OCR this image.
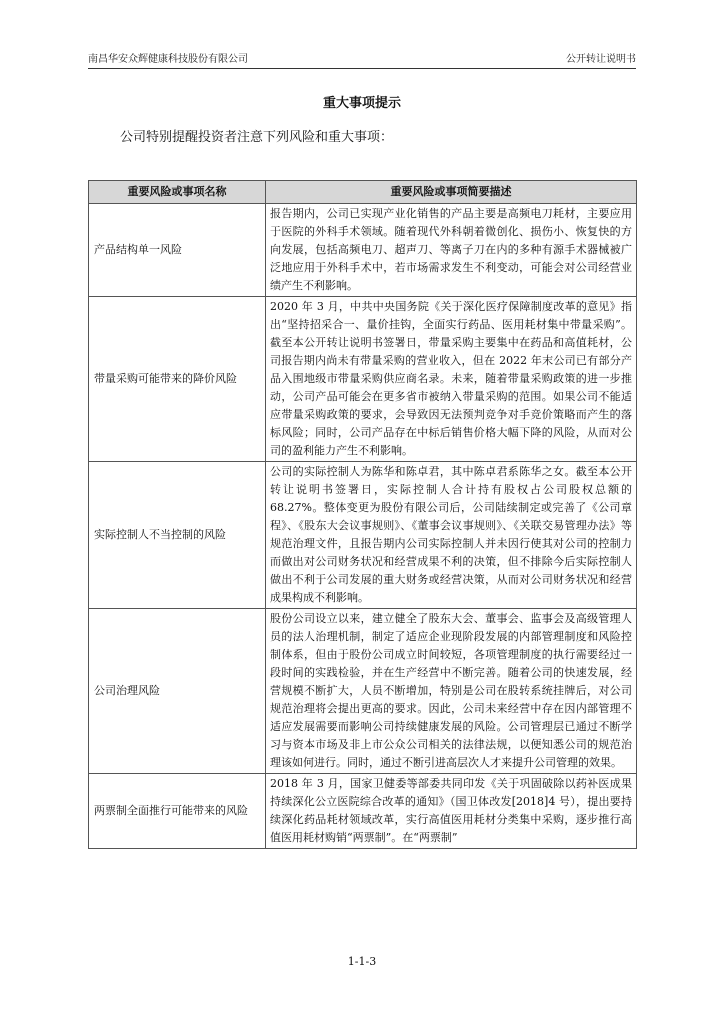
南昌华安众辉健康科技股份有限公司	公开转让说明书
重大事项提示
公司特别提醒投资者注意下列风险和重大事项：
重要风险或事项名称	重要风险或事项简要描述
产品结构单一风险	报告期内，公司已实现产业化销售的产品主要是高频电刀耗材，主要应用于医院的外科手术领域。随着现代外科朝着微创化、损伤小、恢复快的方向发展，包括高频电刀、超声刀、等离子刀在内的多种有源手术器械被广泛地应用于外科手术中，若市场需求发生不利变动，可能会对公司经营业绩产生不利影响。
带量采购可能带来的降价风险	2020 年 3 月，中共中央国务院《关于深化医疗保障制度改革的意见》指出“坚持招采合一、量价挂钩，全面实行药品、医用耗材集中带量采购”。截至本公开转让说明书签署日，带量采购主要集中在药品和高值耗材，公司报告期内尚未有带量采购的营业收入，但在 2022 年末公司已有部分产品入围地级市带量采购供应商名录。未来，随着带量采购政策的进一步推动，公司产品可能会在更多省市被纳入带量采购的范围。如果公司不能适应带量采购政策的要求，会导致因无法预判竞争对手竞价策略而产生的落标风险；同时，公司产品存在中标后销售价格大幅下降的风险，从而对公司的盈利能力产生不利影响。
实际控制人不当控制的风险	公司的实际控制人为陈华和陈卓君，其中陈卓君系陈华之女。截至本公开转让说明书签署日，实际控制人合计持有股权占公司股权总额的 68.27%。整体变更为股份有限公司后，公司陆续制定或完善了《公司章程》、《股东大会议事规则》、《董事会议事规则》、《关联交易管理办法》等规范治理文件，且报告期内公司实际控制人并未因行使其对公司的控制力而做出对公司财务状况和经营成果不利的决策，但不排除今后实际控制人做出不利于公司发展的重大财务或经营决策，从而对公司财务状况和经营成果构成不利影响。
公司治理风险	股份公司设立以来，建立健全了股东大会、董事会、监事会及高级管理人员的法人治理机制，制定了适应企业现阶段发展的内部管理制度和风险控制体系，但由于股份公司成立时间较短，各项管理制度的执行需要经过一段时间的实践检验，并在生产经营中不断完善。随着公司的快速发展，经营规模不断扩大，人员不断增加，特别是公司在股转系统挂牌后，对公司规范治理将会提出更高的要求。因此，公司未来经营中存在因内部管理不适应发展需要而影响公司持续健康发展的风险。公司管理层已通过不断学习与资本市场及非上市公众公司相关的法律法规，以便知悉公司的规范治理该如何进行。同时，通过不断引进高层次人才来提升公司管理的效果。
两票制全面推行可能带来的风险	2018 年 3 月，国家卫健委等部委共同印发《关于巩固破除以药补医成果持续深化公立医院综合改革的通知》（国卫体改发[2018]4 号），提出要持续深化药品耗材领域改革，实行高值医用耗材分类集中采购，逐步推行高值医用耗材购销“两票制”。在“两票制”
1-1-3
